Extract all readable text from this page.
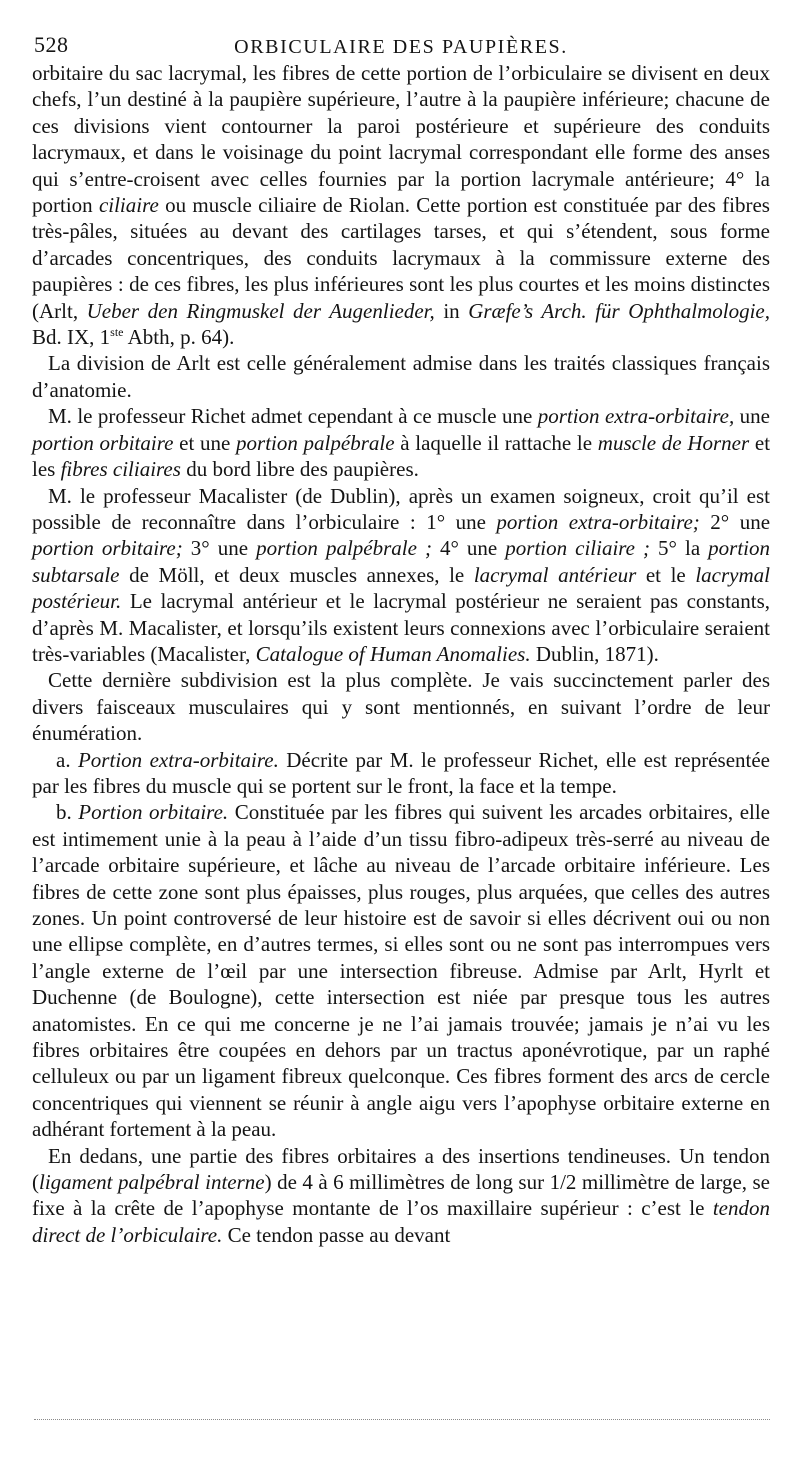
528	ORBICULAIRE DES PAUPIÈRES.

orbitaire du sac lacrymal, les fibres de cette portion de l’orbiculaire se divisent en deux chefs, l’un destiné à la paupière supérieure, l’autre à la paupière inférieure; chacune de ces divisions vient contourner la paroi postérieure et supérieure des conduits lacrymaux, et dans le voisinage du point lacrymal correspondant elle forme des anses qui s’entre-croisent avec celles fournies par la portion lacrymale antérieure; 4° la portion ciliaire ou muscle ciliaire de Riolan. Cette portion est constituée par des fibres très-pâles, situées au devant des cartilages tarses, et qui s’étendent, sous forme d’arcades concentriques, des conduits lacrymaux à la commissure externe des paupières : de ces fibres, les plus inférieures sont les plus courtes et les moins distinctes (Arlt, Ueber den Ringmuskel der Augenlieder, in Græfe’s Arch. für Ophthalmologie, Bd. IX, 1ste Abth, p. 64).

La division de Arlt est celle généralement admise dans les traités classiques français d’anatomie.

M. le professeur Richet admet cependant à ce muscle une portion extra-orbitaire, une portion orbitaire et une portion palpébrale à laquelle il rattache le muscle de Horner et les fibres ciliaires du bord libre des paupières.

M. le professeur Macalister (de Dublin), après un examen soigneux, croit qu’il est possible de reconnaître dans l’orbiculaire : 1° une portion extra-orbitaire; 2° une portion orbitaire; 3° une portion palpébrale ; 4° une portion ciliaire ; 5° la portion subtarsale de Möll, et deux muscles annexes, le lacrymal antérieur et le lacrymal postérieur. Le lacrymal antérieur et le lacrymal postérieur ne seraient pas constants, d’après M. Macalister, et lorsqu’ils existent leurs connexions avec l’orbiculaire seraient très-variables (Macalister, Catalogue of Human Anomalies. Dublin, 1871).

Cette dernière subdivision est la plus complète. Je vais succinctement parler des divers faisceaux musculaires qui y sont mentionnés, en suivant l’ordre de leur énumération.

a. Portion extra-orbitaire. Décrite par M. le professeur Richet, elle est représentée par les fibres du muscle qui se portent sur le front, la face et la tempe.

b. Portion orbitaire. Constituée par les fibres qui suivent les arcades orbitaires, elle est intimement unie à la peau à l’aide d’un tissu fibro-adipeux très-serré au niveau de l’arcade orbitaire supérieure, et lâche au niveau de l’arcade orbitaire inférieure. Les fibres de cette zone sont plus épaisses, plus rouges, plus arquées, que celles des autres zones. Un point controversé de leur histoire est de savoir si elles décrivent oui ou non une ellipse complète, en d’autres termes, si elles sont ou ne sont pas interrompues vers l’angle externe de l’œil par une intersection fibreuse. Admise par Arlt, Hyrlt et Duchenne (de Boulogne), cette intersection est niée par presque tous les autres anatomistes. En ce qui me concerne je ne l’ai jamais trouvée; jamais je n’ai vu les fibres orbitaires être coupées en dehors par un tractus aponévrotique, par un raphé celluleux ou par un ligament fibreux quelconque. Ces fibres forment des arcs de cercle concentriques qui viennent se réunir à angle aigu vers l’apophyse orbitaire externe en adhérant fortement à la peau.

En dedans, une partie des fibres orbitaires a des insertions tendineuses. Un tendon (ligament palpébral interne) de 4 à 6 millimètres de long sur 1/2 millimètre de large, se fixe à la crête de l’apophyse montante de l’os maxillaire supérieur : c’est le tendon direct de l’orbiculaire. Ce tendon passe au devant
